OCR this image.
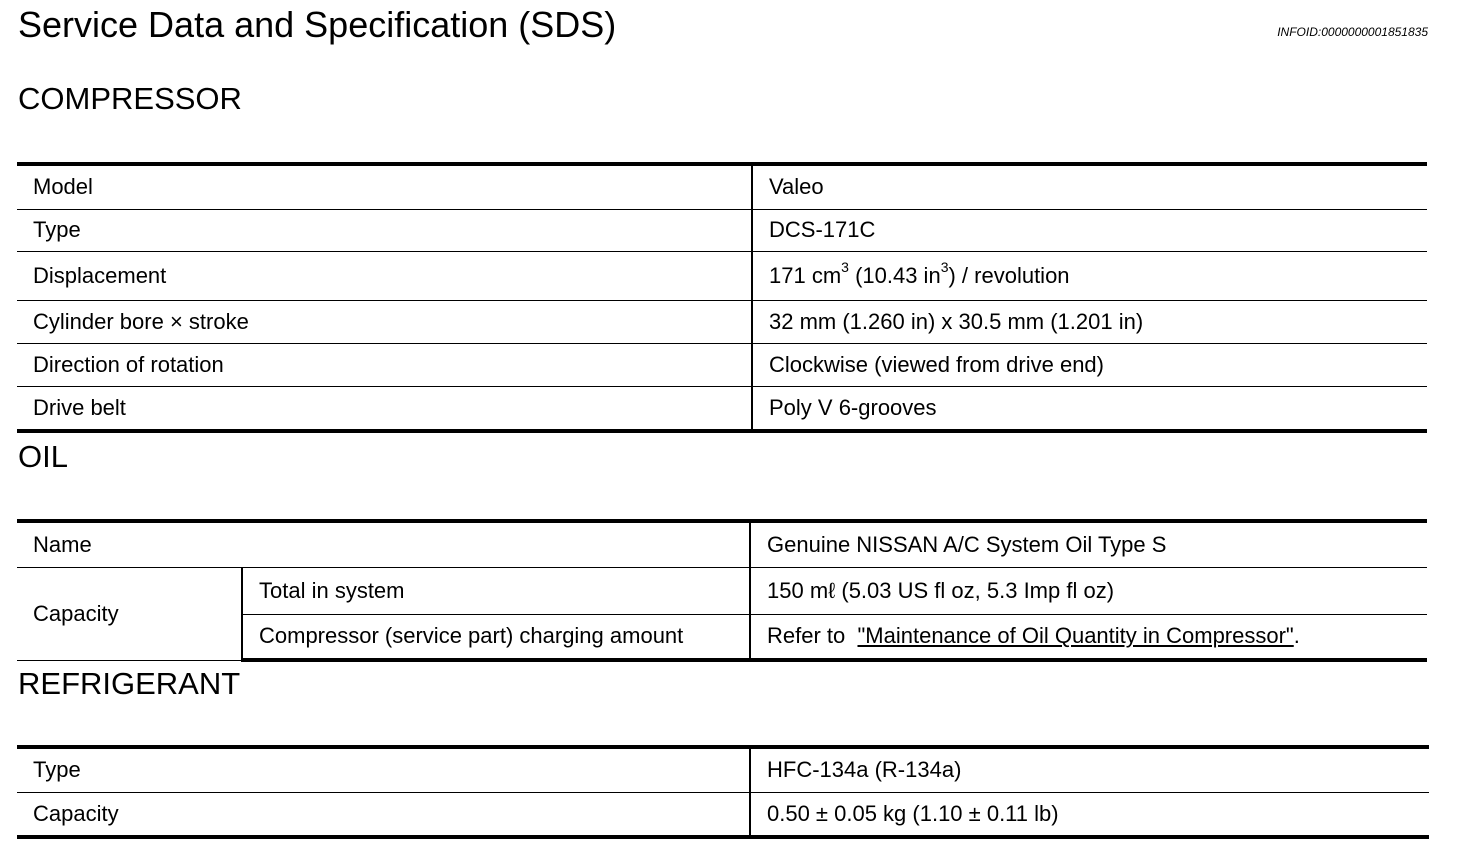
Service Data and Specification (SDS)	INFOID:0000000001851835
COMPRESSOR
Model	Valeo
Type	DCS-171C
Displacement	171 $cm^3$ (10.43 $in^3$) / revolution
Cylinder bore × stroke	32 mm (1.260 in) x 30.5 mm (1.201 in)
Direction of rotation	Clockwise (viewed from drive end)
Drive belt	Poly V 6-grooves
OIL
Name		Genuine NISSAN A/C System Oil Type S
Capacity	Total in system	150 mℓ (5.03 US fl oz, 5.3 Imp fl oz)
	Compressor (service part) charging amount	Refer to  "Maintenance of Oil Quantity in Compressor".
REFRIGERANT
Type	HFC-134a (R-134a)
Capacity	0.50 ± 0.05 kg (1.10 ± 0.11 lb)
